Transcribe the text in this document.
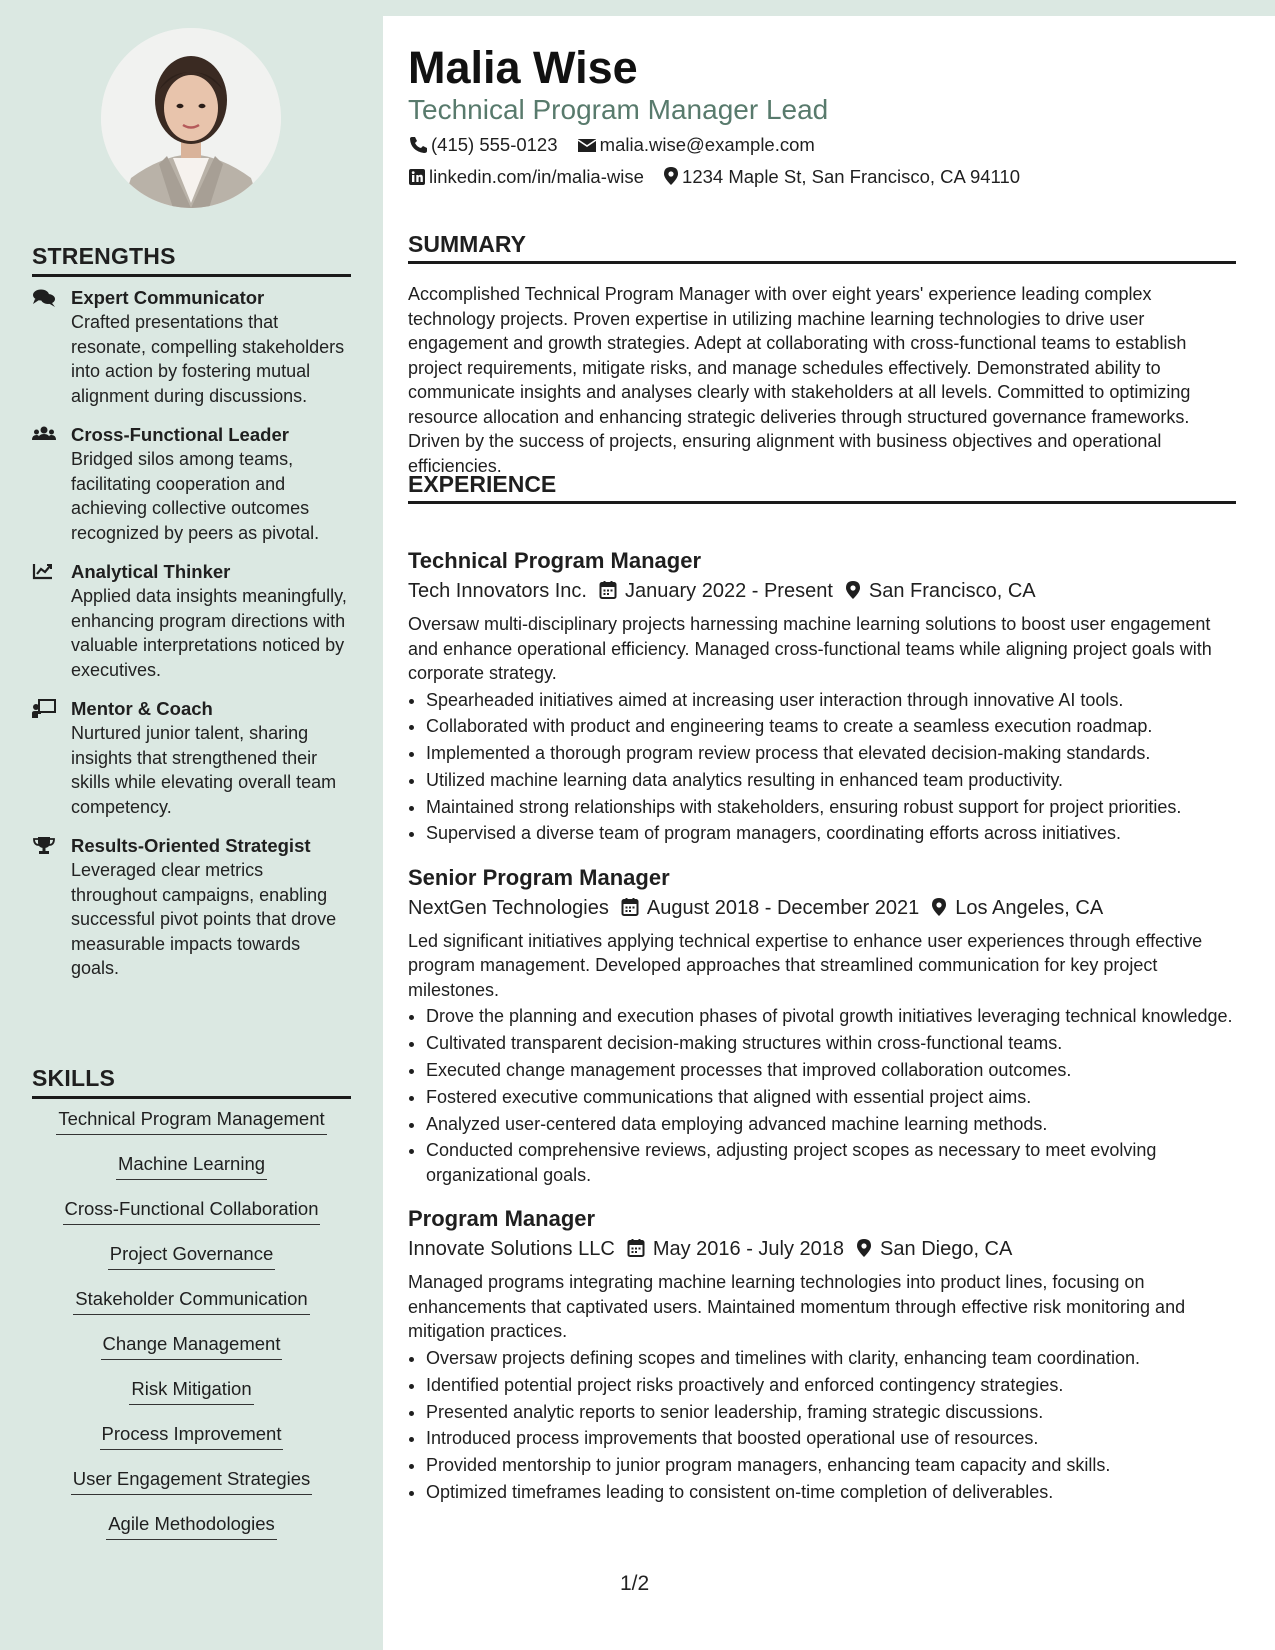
STRENGTHS
Expert Communicator
Crafted presentations that resonate, compelling stakeholders into action by fostering mutual alignment during discussions.
Cross-Functional Leader
Bridged silos among teams, facilitating cooperation and achieving collective outcomes recognized by peers as pivotal.
Analytical Thinker
Applied data insights meaningfully, enhancing program directions with valuable interpretations noticed by executives.
Mentor & Coach
Nurtured junior talent, sharing insights that strengthened their skills while elevating overall team competency.
Results-Oriented Strategist
Leveraged clear metrics throughout campaigns, enabling successful pivot points that drove measurable impacts towards goals.
SKILLS
Technical Program Management
Machine Learning
Cross-Functional Collaboration
Project Governance
Stakeholder Communication
Change Management
Risk Mitigation
Process Improvement
User Engagement Strategies
Agile Methodologies
Malia Wise
Technical Program Manager Lead
(415) 555-0123 malia.wise@example.com
linkedin.com/in/malia-wise 1234 Maple St, San Francisco, CA 94110
SUMMARY

Accomplished Technical Program Manager with over eight years' experience leading complex technology projects. Proven expertise in utilizing machine learning technologies to drive user engagement and growth strategies. Adept at collaborating with cross-functional teams to establish project requirements, mitigate risks, and manage schedules effectively. Demonstrated ability to communicate insights and analyses clearly with stakeholders at all levels. Committed to optimizing resource allocation and enhancing strategic deliveries through structured governance frameworks. Driven by the success of projects, ensuring alignment with business objectives and operational efficiencies.

EXPERIENCE
Technical Program Manager
Tech Innovators Inc. January 2022 - Present San Francisco, CA

Oversaw multi-disciplinary projects harnessing machine learning solutions to boost user engagement and enhance operational efficiency. Managed cross-functional teams while aligning project goals with corporate strategy.

• Spearheaded initiatives aimed at increasing user interaction through innovative AI tools.
• Collaborated with product and engineering teams to create a seamless execution roadmap.
• Implemented a thorough program review process that elevated decision-making standards.
• Utilized machine learning data analytics resulting in enhanced team productivity.
• Maintained strong relationships with stakeholders, ensuring robust support for project priorities.
• Supervised a diverse team of program managers, coordinating efforts across initiatives.
Senior Program Manager
NextGen Technologies August 2018 - December 2021 Los Angeles, CA

Led significant initiatives applying technical expertise to enhance user experiences through effective program management. Developed approaches that streamlined communication for key project milestones.

• Drove the planning and execution phases of pivotal growth initiatives leveraging technical knowledge.
• Cultivated transparent decision-making structures within cross-functional teams.
• Executed change management processes that improved collaboration outcomes.
• Fostered executive communications that aligned with essential project aims.
• Analyzed user-centered data employing advanced machine learning methods.
• Conducted comprehensive reviews, adjusting project scopes as necessary to meet evolving organizational goals.
Program Manager
Innovate Solutions LLC May 2016 - July 2018 San Diego, CA

Managed programs integrating machine learning technologies into product lines, focusing on enhancements that captivated users. Maintained momentum through effective risk monitoring and mitigation practices.

• Oversaw projects defining scopes and timelines with clarity, enhancing team coordination.
• Identified potential project risks proactively and enforced contingency strategies.
• Presented analytic reports to senior leadership, framing strategic discussions.
• Introduced process improvements that boosted operational use of resources.
• Provided mentorship to junior program managers, enhancing team capacity and skills.
• Optimized timeframes leading to consistent on-time completion of deliverables.
1/2
